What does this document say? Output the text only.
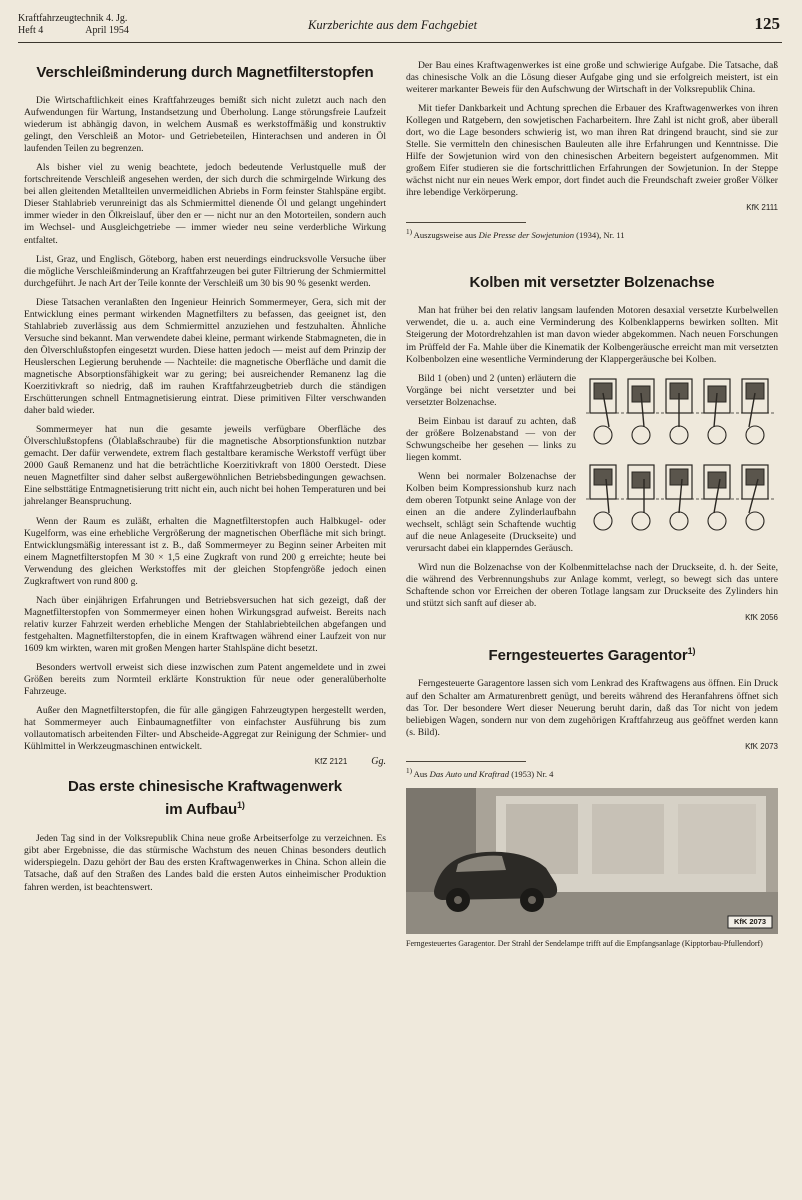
Kraftfahrzeugtechnik 4. Jg.
Heft 4	April 1954	Kurzberichte aus dem Fachgebiet	125
Verschleißminderung durch Magnetfilterstopfen

Die Wirtschaftlichkeit eines Kraftfahrzeuges bemißt sich nicht zuletzt auch nach den Aufwendungen für Wartung, Instandsetzung und Überholung. Lange störungsfreie Laufzeit wiederum ist abhängig davon, in welchem Ausmaß es werkstoffmäßig und konstruktiv gelingt, den Verschleiß an Motor- und Getriebeteilen, Hinterachsen und anderen in Öl laufenden Teilen zu begrenzen.

Als bisher viel zu wenig beachtete, jedoch bedeutende Verlustquelle muß der fortschreitende Verschleiß angesehen werden, der sich durch die schmirgelnde Wirkung des bei allen gleitenden Metallteilen unvermeidlichen Abriebs in Form feinster Stahlspäne ergibt. Dieser Stahlabrieb verunreinigt das als Schmiermittel dienende Öl und gelangt ungehindert immer wieder in den Ölkreislauf, über den er — nicht nur an den Motorteilen, sondern auch im Wechsel- und Ausgleichgetriebe — immer wieder neu seine verderbliche Wirkung entfaltet.

List, Graz, und Englisch, Göteborg, haben erst neuerdings eindrucksvolle Versuche über die mögliche Verschleißminderung an Kraftfahrzeugen bei guter Filtrierung der Schmiermittel durchgeführt. Je nach Art der Teile konnte der Verschleiß um 30 bis 90 % gesenkt werden.

Diese Tatsachen veranlaßten den Ingenieur Heinrich Sommermeyer, Gera, sich mit der Entwicklung eines permant wirkenden Magnetfilters zu befassen, das geeignet ist, den Stahlabrieb zuverlässig aus dem Schmiermittel anzuziehen und festzuhalten. Ähnliche Versuche sind bekannt. Man verwendete dabei kleine, permant wirkende Stabmagneten, die in den Ölverschlußstopfen eingesetzt wurden. Diese hatten jedoch — meist auf dem Prinzip der Heuslerschen Legierung beruhende — Nachteile: die magnetische Oberfläche und damit die magnetische Absorptionsfähigkeit war zu gering; bei ausreichender Remanenz lag die Koerzitivkraft so niedrig, daß im rauhen Kraftfahrzeugbetrieb durch die ständigen Erschütterungen schnell Entmagnetisierung eintrat. Diese primitiven Filter verschwanden daher bald wieder.

Sommermeyer hat nun die gesamte jeweils verfügbare Oberfläche des Ölverschlußstopfens (Ölablaßschraube) für die magnetische Absorptionsfunktion nutzbar gemacht. Der dafür verwendete, extrem flach gestaltbare keramische Werkstoff verfügt über 2000 Gauß Remanenz und hat die beträchtliche Koerzitivkraft von 1800 Oerstedt. Diese neuen Magnetfilter sind daher selbst außergewöhnlichen Betriebsbedingungen gewachsen. Eine selbsttätige Entmagnetisierung tritt nicht ein, auch nicht bei hohen Temperaturen und bei jahrelanger Beanspruchung.

Wenn der Raum es zuläßt, erhalten die Magnetfilterstopfen auch Halbkugel- oder Kugelform, was eine erhebliche Vergrößerung der magnetischen Oberfläche mit sich bringt. Entwicklungsmäßig interessant ist z. B., daß Sommermeyer zu Beginn seiner Arbeiten mit einem Magnetfilterstopfen M 30 × 1,5 eine Zugkraft von rund 200 g erreichte; heute bei Verwendung des gleichen Werkstoffes mit der gleichen Stopfengröße jedoch einen Zugkraftwert von rund 800 g.

Nach über einjährigen Erfahrungen und Betriebsversuchen hat sich gezeigt, daß der Magnetfilterstopfen von Sommermeyer einen hohen Wirkungsgrad aufweist. Bereits nach relativ kurzer Fahrzeit werden erhebliche Mengen der Stahlabriebteilchen abgefangen und festgehalten. Magnetfilterstopfen, die in einem Kraftwagen während einer Laufzeit von nur 1609 km wirkten, waren mit großen Mengen harter Stahlspäne dicht besetzt.

Besonders wertvoll erweist sich diese inzwischen zum Patent angemeldete und in zwei Größen bereits zum Normteil erklärte Konstruktion für neue oder generalüberholte Fahrzeuge.

Außer den Magnetfilterstopfen, die für alle gängigen Fahrzeugtypen hergestellt werden, hat Sommermeyer auch Einbaumagnetfilter von einfachster Ausführung bis zum vollautomatisch arbeitenden Filter- und Abscheide-Aggregat zur Reinigung der Schmier- und Kühlmittel in Werkzeugmaschinen entwickelt.

KfZ 2121 Gg.
Das erste chinesische Kraftwagenwerk
im Aufbau$^{1)}$

Jeden Tag sind in der Volksrepublik China neue große Arbeitserfolge zu verzeichnen. Es gibt aber Ergebnisse, die das stürmische Wachstum des neuen Chinas besonders deutlich widerspiegeln. Dazu gehört der Bau des ersten Kraftwagenwerkes in China. Schon allein die Tatsache, daß auf den Straßen des Landes bald die ersten Autos einheimischer Produktion fahren werden, ist beachtenswert.

Der Bau eines Kraftwagenwerkes ist eine große und schwierige Aufgabe. Die Tatsache, daß das chinesische Volk an die Lösung dieser Aufgabe ging und sie erfolgreich meistert, ist ein weiterer markanter Beweis für den Aufschwung der Wirtschaft in der Volksrepublik China.

Mit tiefer Dankbarkeit und Achtung sprechen die Erbauer des Kraftwagenwerkes von ihren Kollegen und Ratgebern, den sowjetischen Facharbeitern. Ihre Zahl ist nicht groß, aber überall dort, wo die Lage besonders schwierig ist, wo man ihren Rat dringend braucht, sind sie zur Stelle. Sie vermitteln den chinesischen Bauleuten alle ihre Erfahrungen und Kenntnisse. Die Hilfe der Sowjetunion wird von den chinesischen Arbeitern begeistert aufgenommen. Mit großem Eifer studieren sie die fortschrittlichen Erfahrungen der Sowjetunion. In der Steppe wächst nicht nur ein neues Werk empor, dort findet auch die Freundschaft zweier großer Völker ihre lebendige Verkörperung.

KfK 2111
$^{1)}$ Auszugsweise aus Die Presse der Sowjetunion (1934), Nr. 11
Kolben mit versetzter Bolzenachse

Man hat früher bei den relativ langsam laufenden Motoren desaxial versetzte Kurbelwellen verwendet, die u. a. auch eine Verminderung des Kolbenklapperns bewirken sollten. Mit Steigerung der Motordrehzahlen ist man davon wieder abgekommen. Nach neuen Forschungen im Prüffeld der Fa. Mahle über die Kinematik der Kolbengeräusche erreicht man mit versetzten Kolbenbolzen eine wesentliche Verminderung der Klappergeräusche bei Kolben.

Bild 1 (oben) und 2 (unten) erläutern die Vorgänge bei nicht versetzter und bei versetzter Bolzenachse.

Beim Einbau ist darauf zu achten, daß der größere Bolzenabstand — von der Schwungscheibe her gesehen — links zu liegen kommt.

Wenn bei normaler Bolzenachse der Kolben beim Kompressionshub kurz nach dem oberen Totpunkt seine Anlage von der einen an die andere Zylinderlaufbahn wechselt, schlägt sein Schaftende wuchtig auf die neue Anlageseite (Druckseite) und verursacht dabei ein klapperndes Geräusch.

Wird nun die Bolzenachse von der Kolbenmittelachse nach der Druckseite, d. h. der Seite, die während des Verbrennungshubs zur Anlage kommt, verlegt, so bewegt sich das untere Schaftende schon vor Erreichen der oberen Totlage langsam zur Druckseite des Zylinders hin und stützt sich sanft auf dieser ab.

KfK 2056
Ferngesteuertes Garagentor$^{1)}$

Ferngesteuerte Garagentore lassen sich vom Lenkrad des Kraftwagens aus öffnen. Ein Druck auf den Schalter am Armaturenbrett genügt, und bereits während des Heranfahrens öffnet sich das Tor. Der besondere Wert dieser Neuerung beruht darin, daß das Tor nicht von jedem beliebigen Wagen, sondern nur von dem zugehörigen Kraftfahrzeug aus geöffnet werden kann (s. Bild).

KfK 2073
$^{1)}$ Aus Das Auto und Kraftrad (1953) Nr. 4
KfK 2073
Ferngesteuertes Garagentor. Der Strahl der Sendelampe trifft auf die Empfangsanlage (Kipptorbau-Pfullendorf)
